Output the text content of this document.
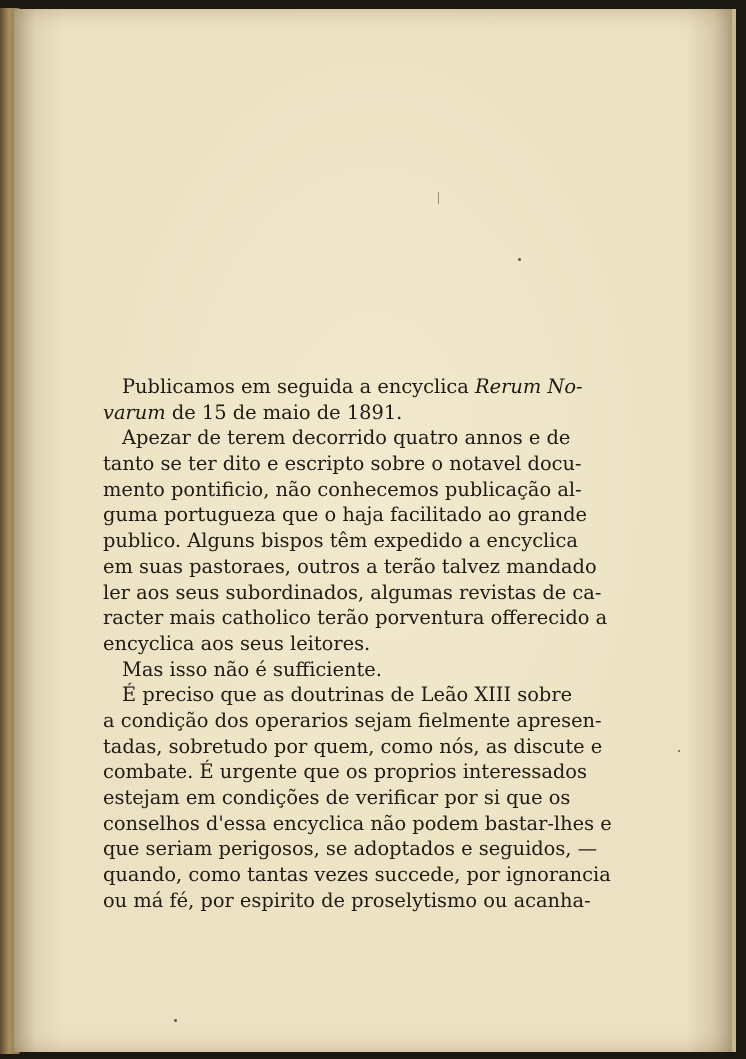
Publicamos em seguida a encyclica Rerum No-
varum de 15 de maio de 1891.

Apezar de terem decorrido quatro annos e de
tanto se ter dito e escripto sobre o notavel docu-
mento pontificio, não conhecemos publicação al-
guma portugueza que o haja facilitado ao grande
publico. Alguns bispos têm expedido a encyclica
em suas pastoraes, outros a terão talvez mandado
ler aos seus subordinados, algumas revistas de ca-
racter mais catholico terão porventura offerecido a
encyclica aos seus leitores.

Mas isso não é sufficiente.

É preciso que as doutrinas de Leão XIII sobre
a condição dos operarios sejam fielmente apresen-
tadas, sobretudo por quem, como nós, as discute e
combate. É urgente que os proprios interessados
estejam em condições de verificar por si que os
conselhos d'essa encyclica não podem bastar-lhes e
que seriam perigosos, se adoptados e seguidos, —
quando, como tantas vezes succede, por ignorancia
ou má fé, por espirito de proselytismo ou acanha-
